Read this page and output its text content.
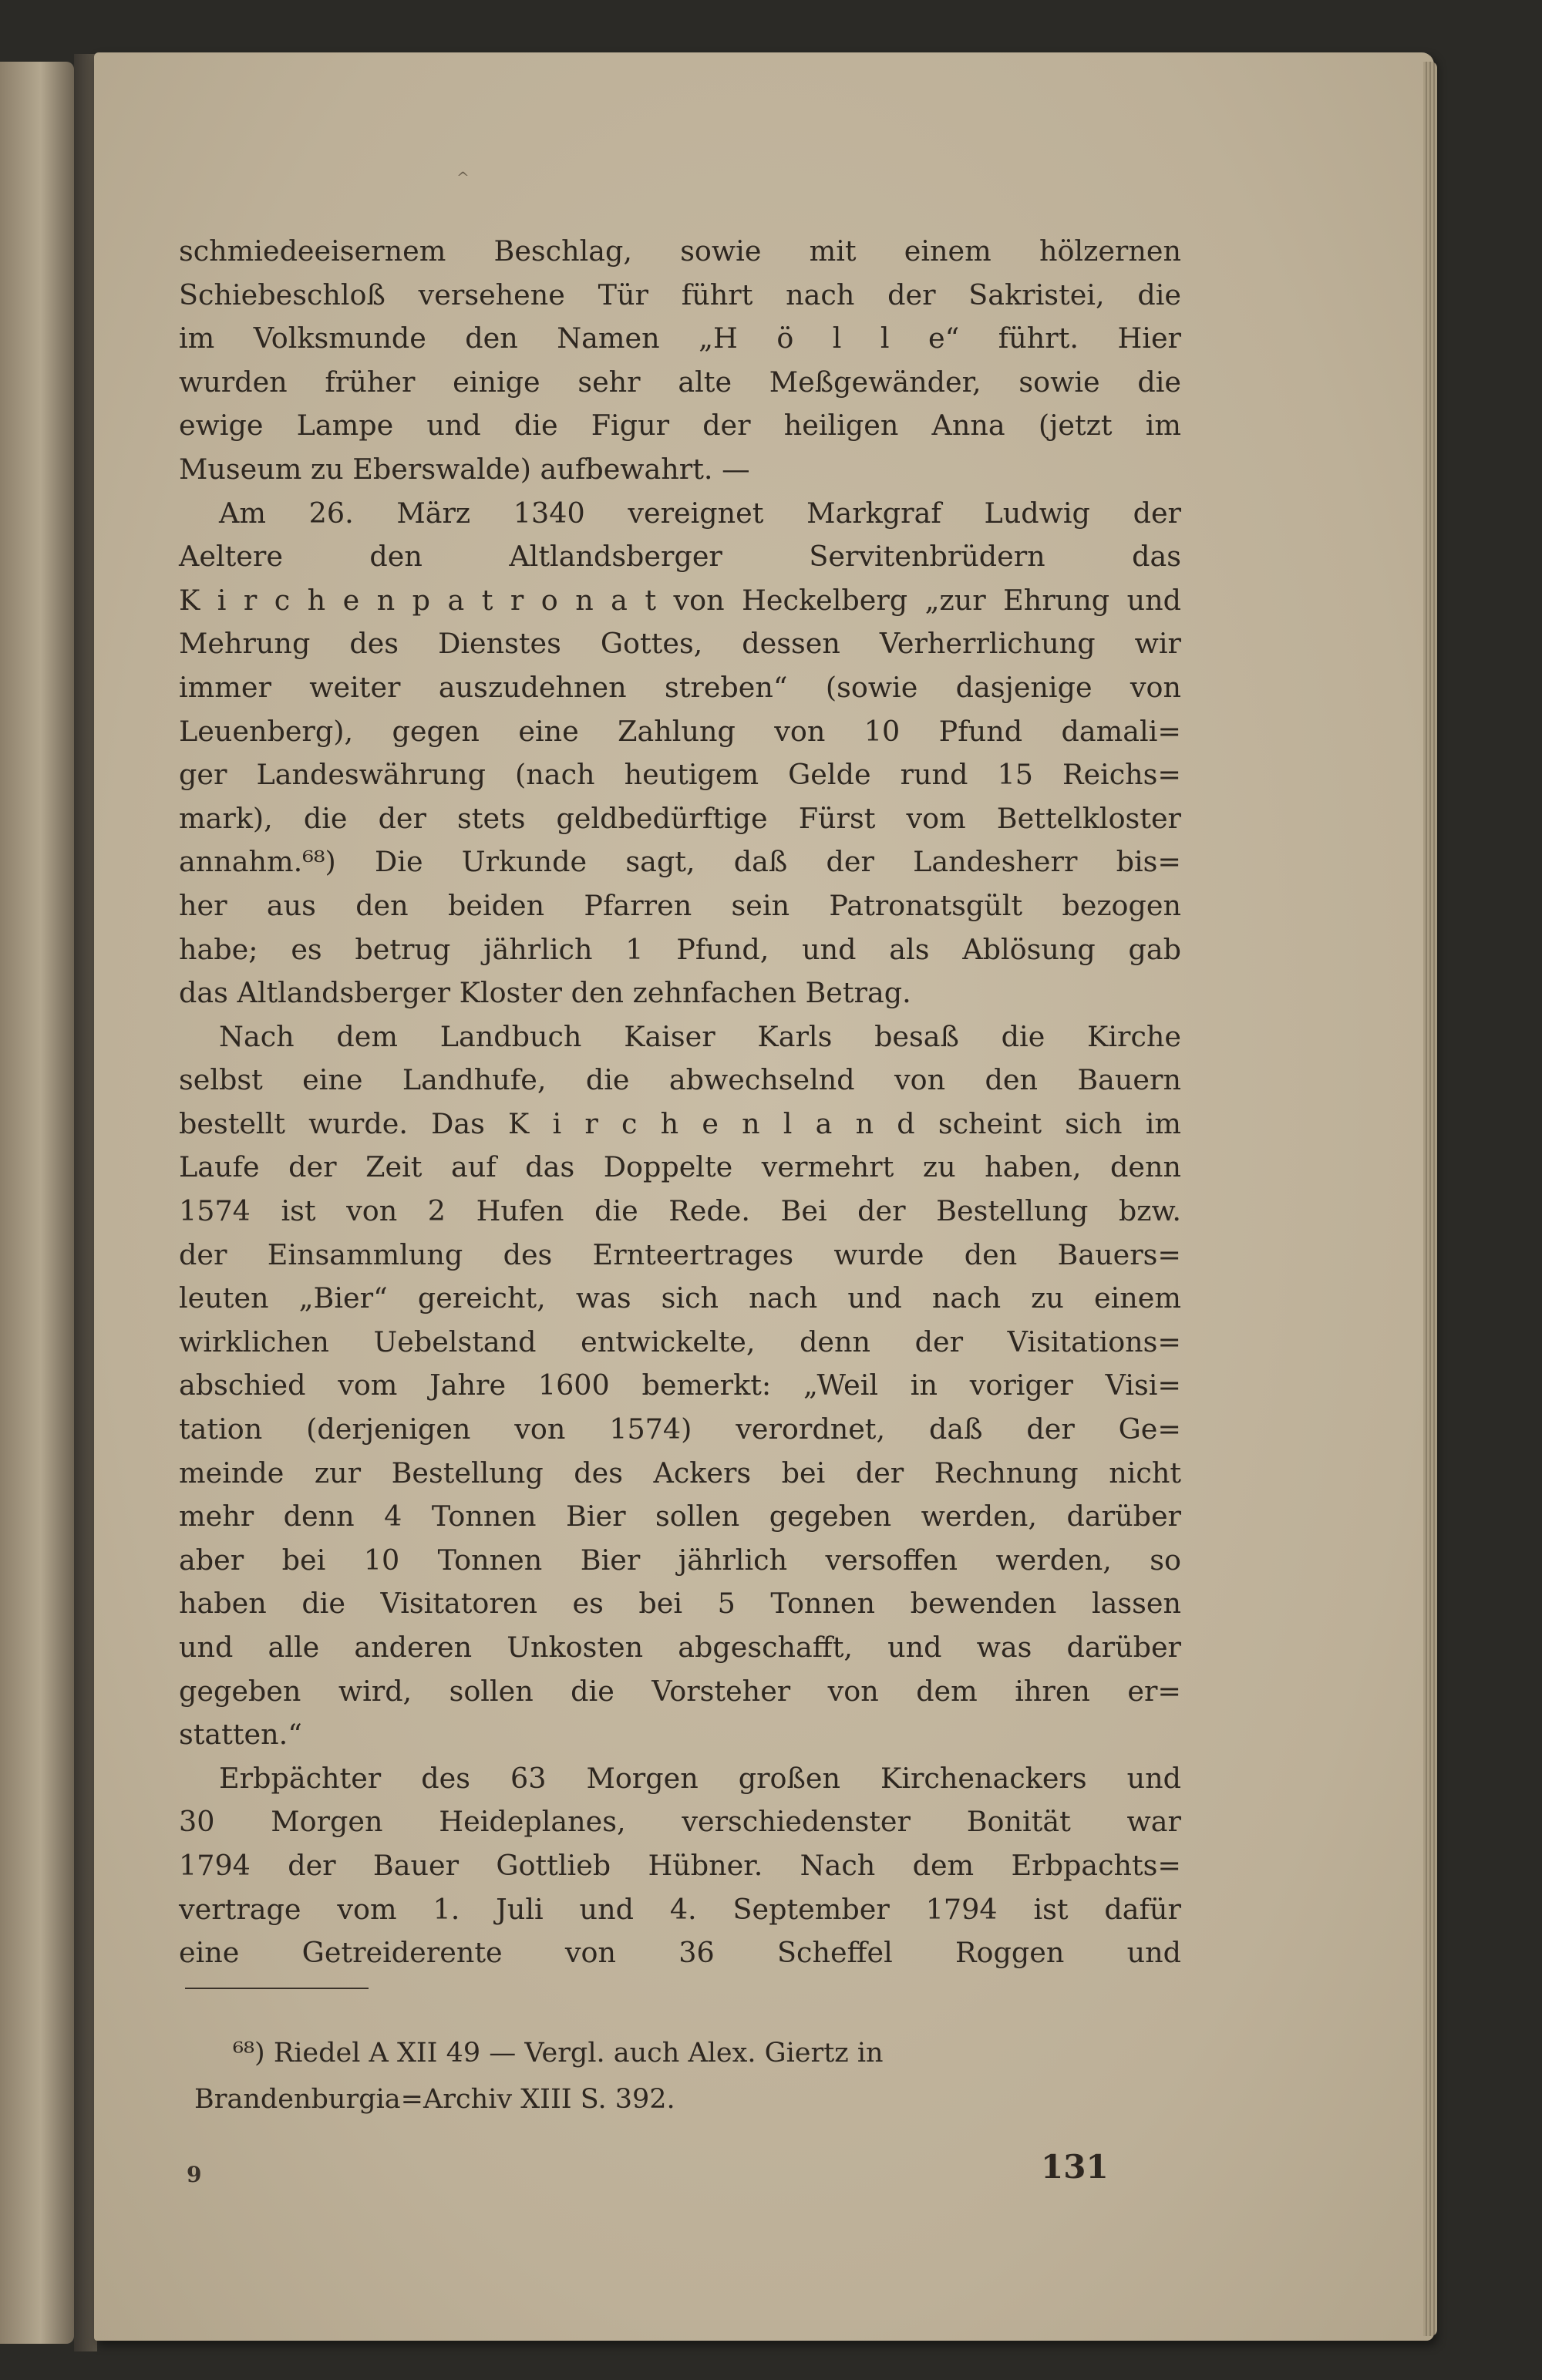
^
schmiedeeisernem Beschlag, sowie mit einem hölzernen
Schiebeschloß versehene Tür führt nach der Sakristei, die
im Volksmunde den Namen „H ö l l e“ führt. Hier
wurden früher einige sehr alte Meßgewänder, sowie die
ewige Lampe und die Figur der heiligen Anna (jetzt im
Museum zu Eberswalde) aufbewahrt. —
Am 26. März 1340 vereignet Markgraf Ludwig der
Aeltere den Altlandsberger Servitenbrüdern das
K i r c h e n p a t r o n a t von Heckelberg „zur Ehrung und
Mehrung des Dienstes Gottes, dessen Verherrlichung wir
immer weiter auszudehnen streben“ (sowie dasjenige von
Leuenberg), gegen eine Zahlung von 10 Pfund damali=
ger Landeswährung (nach heutigem Gelde rund 15 Reichs=
mark), die der stets geldbedürftige Fürst vom Bettelkloster
annahm.⁶⁸) Die Urkunde sagt, daß der Landesherr bis=
her aus den beiden Pfarren sein Patronatsgült bezogen
habe; es betrug jährlich 1 Pfund, und als Ablösung gab
das Altlandsberger Kloster den zehnfachen Betrag.
Nach dem Landbuch Kaiser Karls besaß die Kirche
selbst eine Landhufe, die abwechselnd von den Bauern
bestellt wurde. Das K i r c h e n l a n d scheint sich im
Laufe der Zeit auf das Doppelte vermehrt zu haben, denn
1574 ist von 2 Hufen die Rede. Bei der Bestellung bzw.
der Einsammlung des Ernteertrages wurde den Bauers=
leuten „Bier“ gereicht, was sich nach und nach zu einem
wirklichen Uebelstand entwickelte, denn der Visitations=
abschied vom Jahre 1600 bemerkt: „Weil in voriger Visi=
tation (derjenigen von 1574) verordnet, daß der Ge=
meinde zur Bestellung des Ackers bei der Rechnung nicht
mehr denn 4 Tonnen Bier sollen gegeben werden, darüber
aber bei 10 Tonnen Bier jährlich versoffen werden, so
haben die Visitatoren es bei 5 Tonnen bewenden lassen
und alle anderen Unkosten abgeschafft, und was darüber
gegeben wird, sollen die Vorsteher von dem ihren er=
statten.“
Erbpächter des 63 Morgen großen Kirchenackers und
30 Morgen Heideplanes, verschiedenster Bonität war
1794 der Bauer Gottlieb Hübner. Nach dem Erbpachts=
vertrage vom 1. Juli und 4. September 1794 ist dafür
eine Getreiderente von 36 Scheffel Roggen und
⁶⁸) Riedel A XII 49 — Vergl. auch Alex. Giertz in
Brandenburgia=Archiv XIII S. 392.
9	131
